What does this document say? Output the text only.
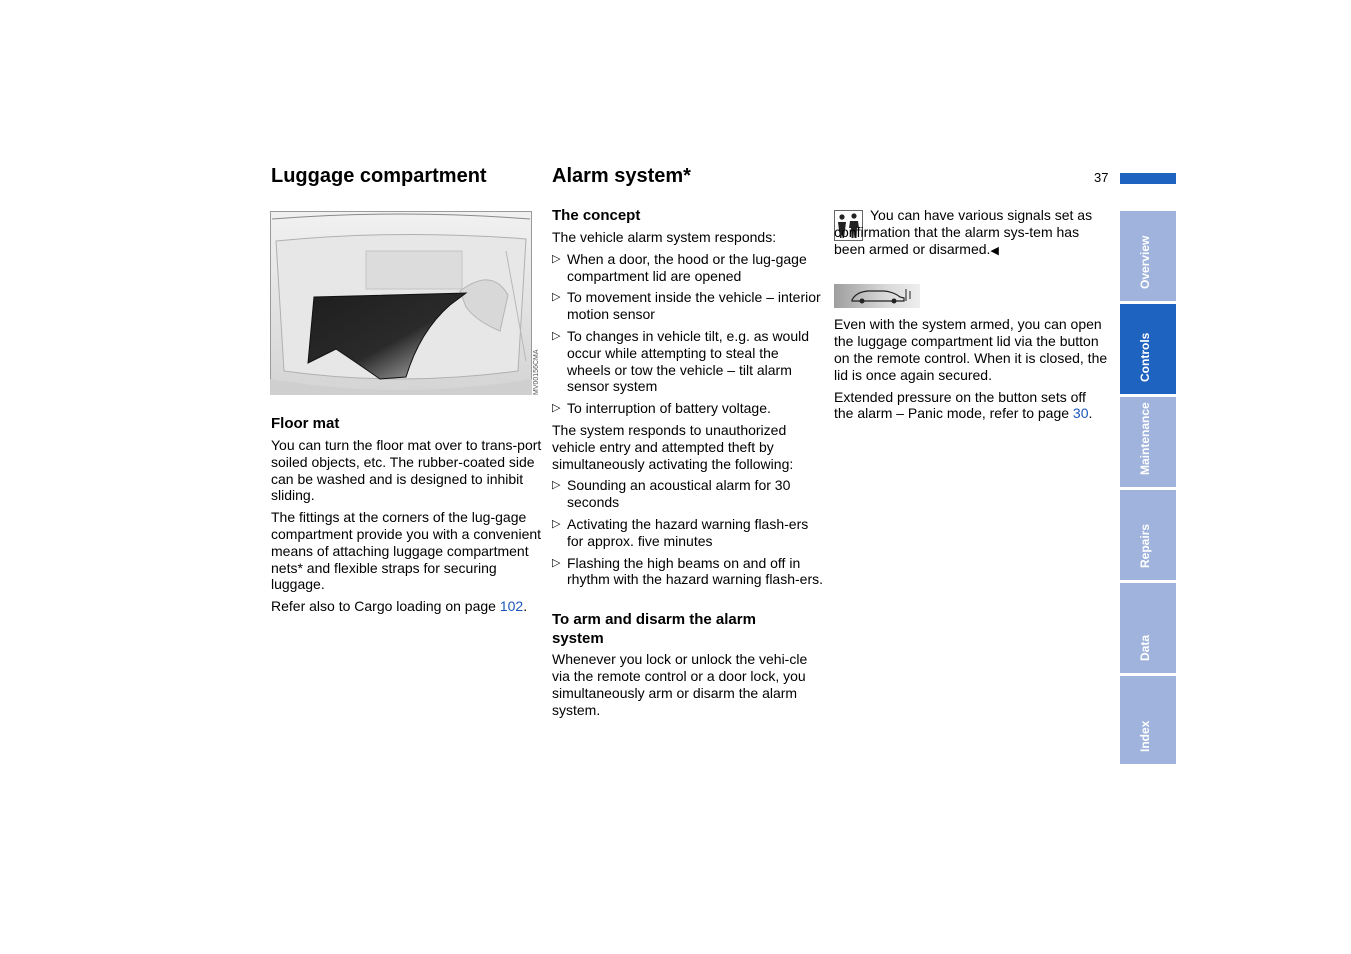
37
Luggage compartment	Alarm system*
MV00156CMA
Floor mat

You can turn the floor mat over to trans-port soiled objects, etc. The rubber-coated side can be washed and is designed to inhibit sliding.

The fittings at the corners of the lug-gage compartment provide you with a convenient means of attaching luggage compartment nets* and flexible straps for securing luggage.

Refer also to Cargo loading on page 102.

The concept

The vehicle alarm system responds:

▷ When a door, the hood or the lug-gage compartment lid are opened

▷ To movement inside the vehicle – interior motion sensor

▷ To changes in vehicle tilt, e.g. as would occur while attempting to steal the wheels or tow the vehicle – tilt alarm sensor system

▷ To interruption of battery voltage.

The system responds to unauthorized vehicle entry and attempted theft by simultaneously activating the following:

▷ Sounding an acoustical alarm for 30 seconds

▷ Activating the hazard warning flash-ers for approx. five minutes

▷ Flashing the high beams on and off in rhythm with the hazard warning flash-ers.

To arm and disarm the alarm system

Whenever you lock or unlock the vehi-cle via the remote control or a door lock, you simultaneously arm or disarm the alarm system.

You can have various signals set as confirmation that the alarm sys-tem has been armed or disarmed.◀

Even with the system armed, you can open the luggage compartment lid via the button on the remote control. When it is closed, the lid is once again secured.

Extended pressure on the button sets off the alarm – Panic mode, refer to page 30.

Overview
Controls
Maintenance
Repairs
Data
Index
